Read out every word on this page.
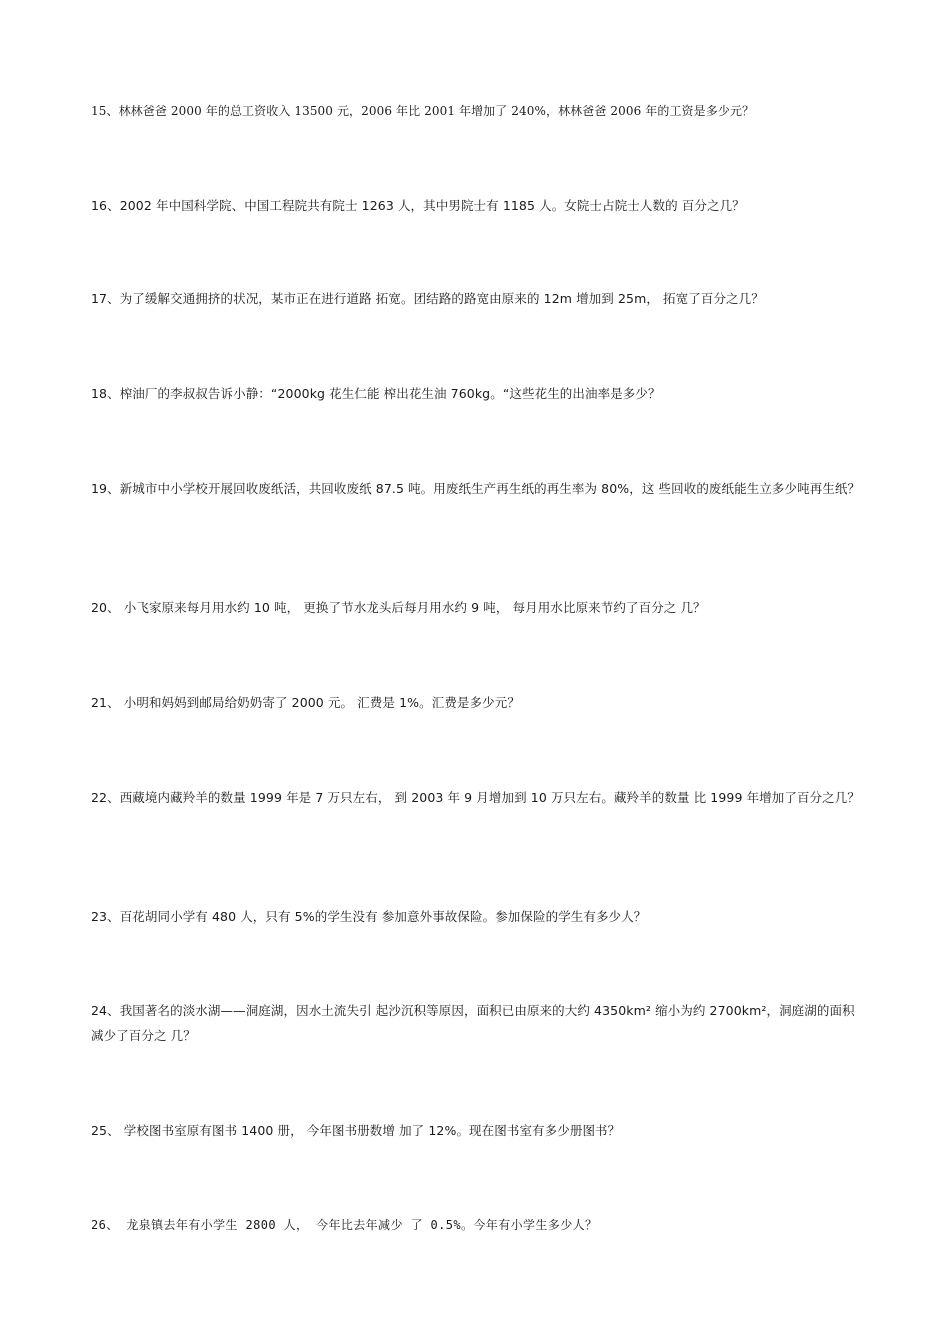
15、林林爸爸 2000 年的总工资收入 13500 元，2006 年比 2001 年增加了 240%，林林爸爸 2006 年的工资是多少元？

16、2002 年中国科学院、中国工程院共有院士 1263 人，其中男院士有 1185 人。女院士占院士人数的 百分之几？

17、为了缓解交通拥挤的状况，某市正在进行道路 拓宽。团结路的路宽由原来的 12m 增加到 25m， 拓宽了百分之几？

18、榨油厂的李叔叔告诉小静：“2000kg 花生仁能 榨出花生油 760kg。“这些花生的出油率是多少？

19、新城市中小学校开展回收废纸活，共回收废纸 87.5 吨。用废纸生产再生纸的再生率为 80%，这 些回收的废纸能生立多少吨再生纸？

20、 小飞家原来每月用水约 10 吨， 更换了节水龙头后每月用水约 9 吨， 每月用水比原来节约了百分之 几？

21、 小明和妈妈到邮局给奶奶寄了 2000 元。 汇费是 1%。汇费是多少元？

22、西藏境内藏羚羊的数量 1999 年是 7 万只左右， 到 2003 年 9 月增加到 10 万只左右。藏羚羊的数量 比 1999 年增加了百分之几？

23、百花胡同小学有 480 人，只有 5%的学生没有 参加意外事故保险。参加保险的学生有多少人？

24、我国著名的淡水湖——洞庭湖，因水土流失引 起沙沉积等原因，面积已由原来的大约 4350km² 缩小为约 2700km²，洞庭湖的面积减少了百分之 几？

25、 学校图书室原有图书 1400 册， 今年图书册数增 加了 12%。现在图书室有多少册图书？

26、 龙泉镇去年有小学生 2800 人， 今年比去年减少 了 0.5%。今年有小学生多少人？
